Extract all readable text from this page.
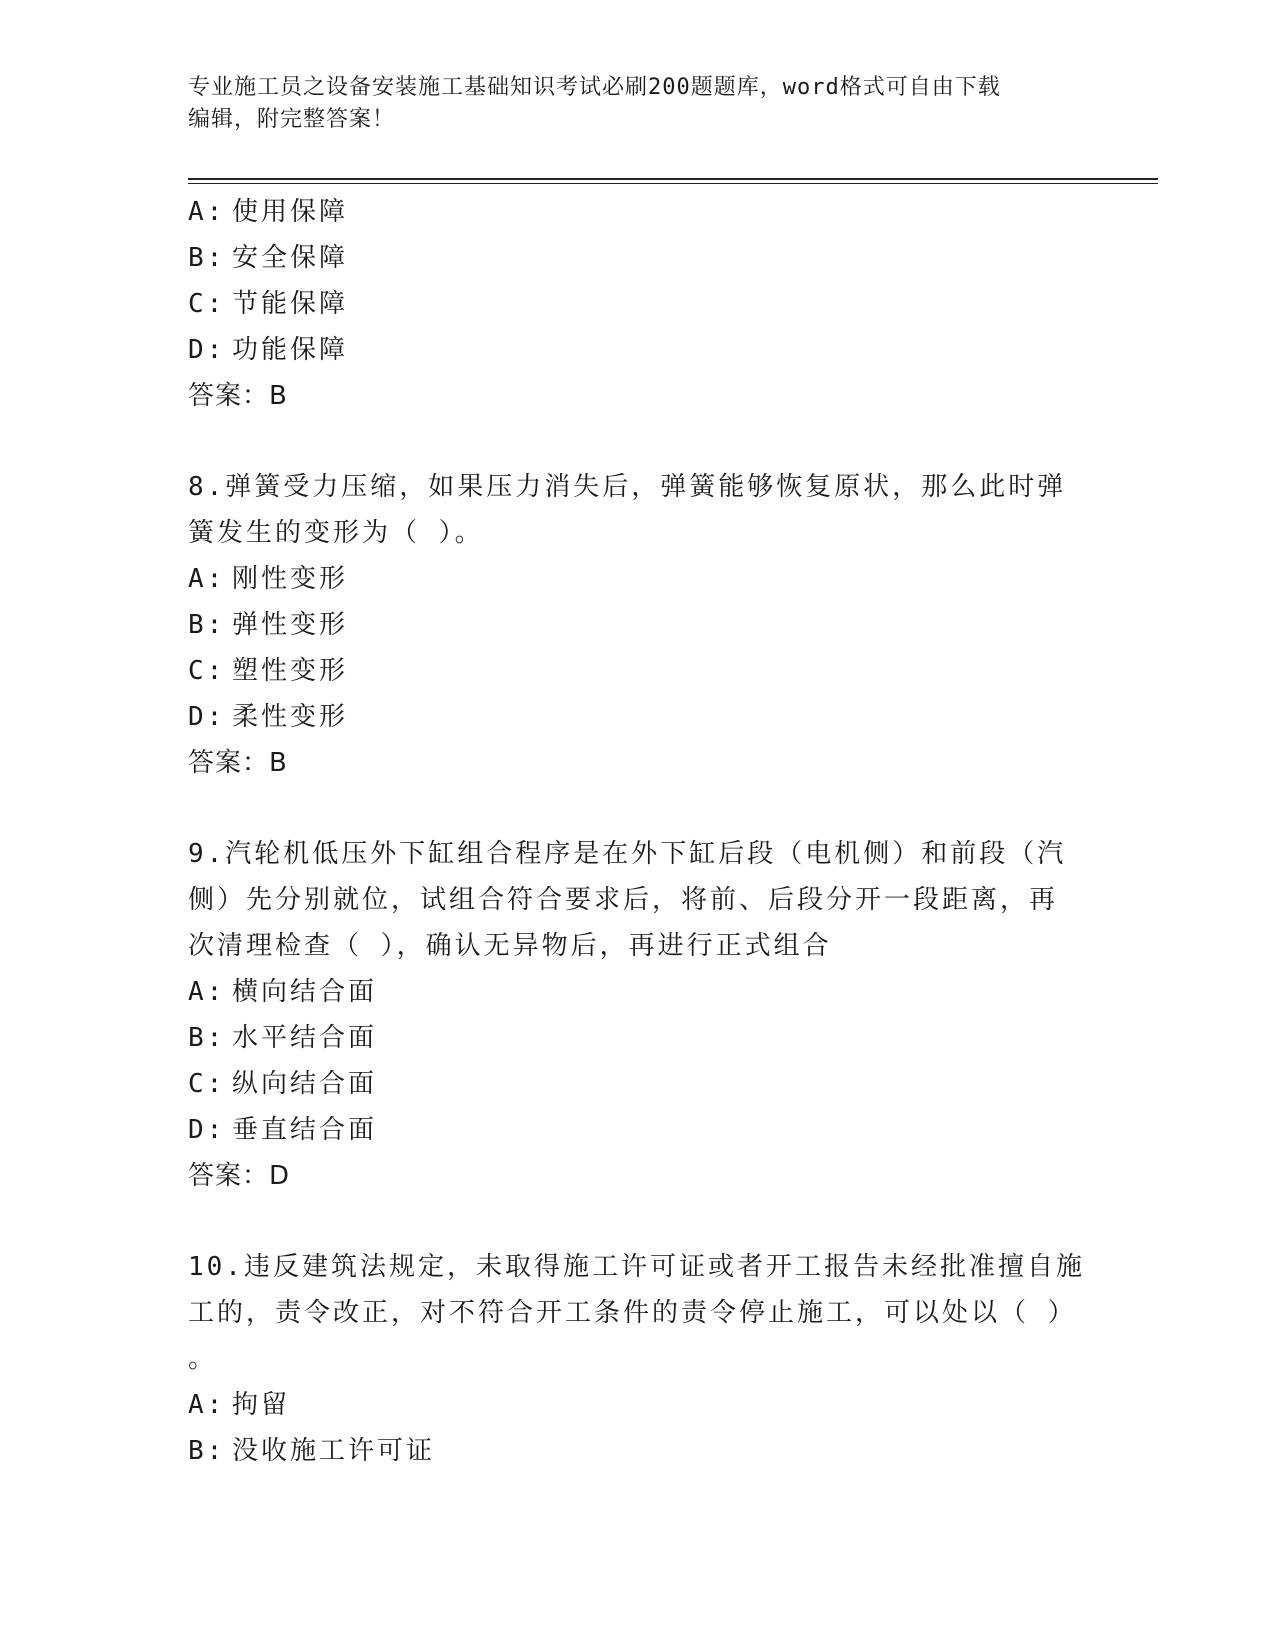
专业施工员之设备安装施工基础知识考试必刷200题题库，word格式可自由下载
编辑，附完整答案！
A: 使用保障
B: 安全保障
C: 节能保障
D: 功能保障
答案：B
8.弹簧受力压缩，如果压力消失后，弹簧能够恢复原状，那么此时弹
簧发生的变形为（ ）。
A: 刚性变形
B: 弹性变形
C: 塑性变形
D: 柔性变形
答案：B
9.汽轮机低压外下缸组合程序是在外下缸后段（电机侧）和前段（汽
侧）先分别就位，试组合符合要求后，将前、后段分开一段距离，再
次清理检查（ ），确认无异物后，再进行正式组合
A: 横向结合面
B: 水平结合面
C: 纵向结合面
D: 垂直结合面
答案：D
10.违反建筑法规定，未取得施工许可证或者开工报告未经批准擅自施
工的，责令改正，对不符合开工条件的责令停止施工，可以处以（ ）
。
A: 拘留
B: 没收施工许可证
